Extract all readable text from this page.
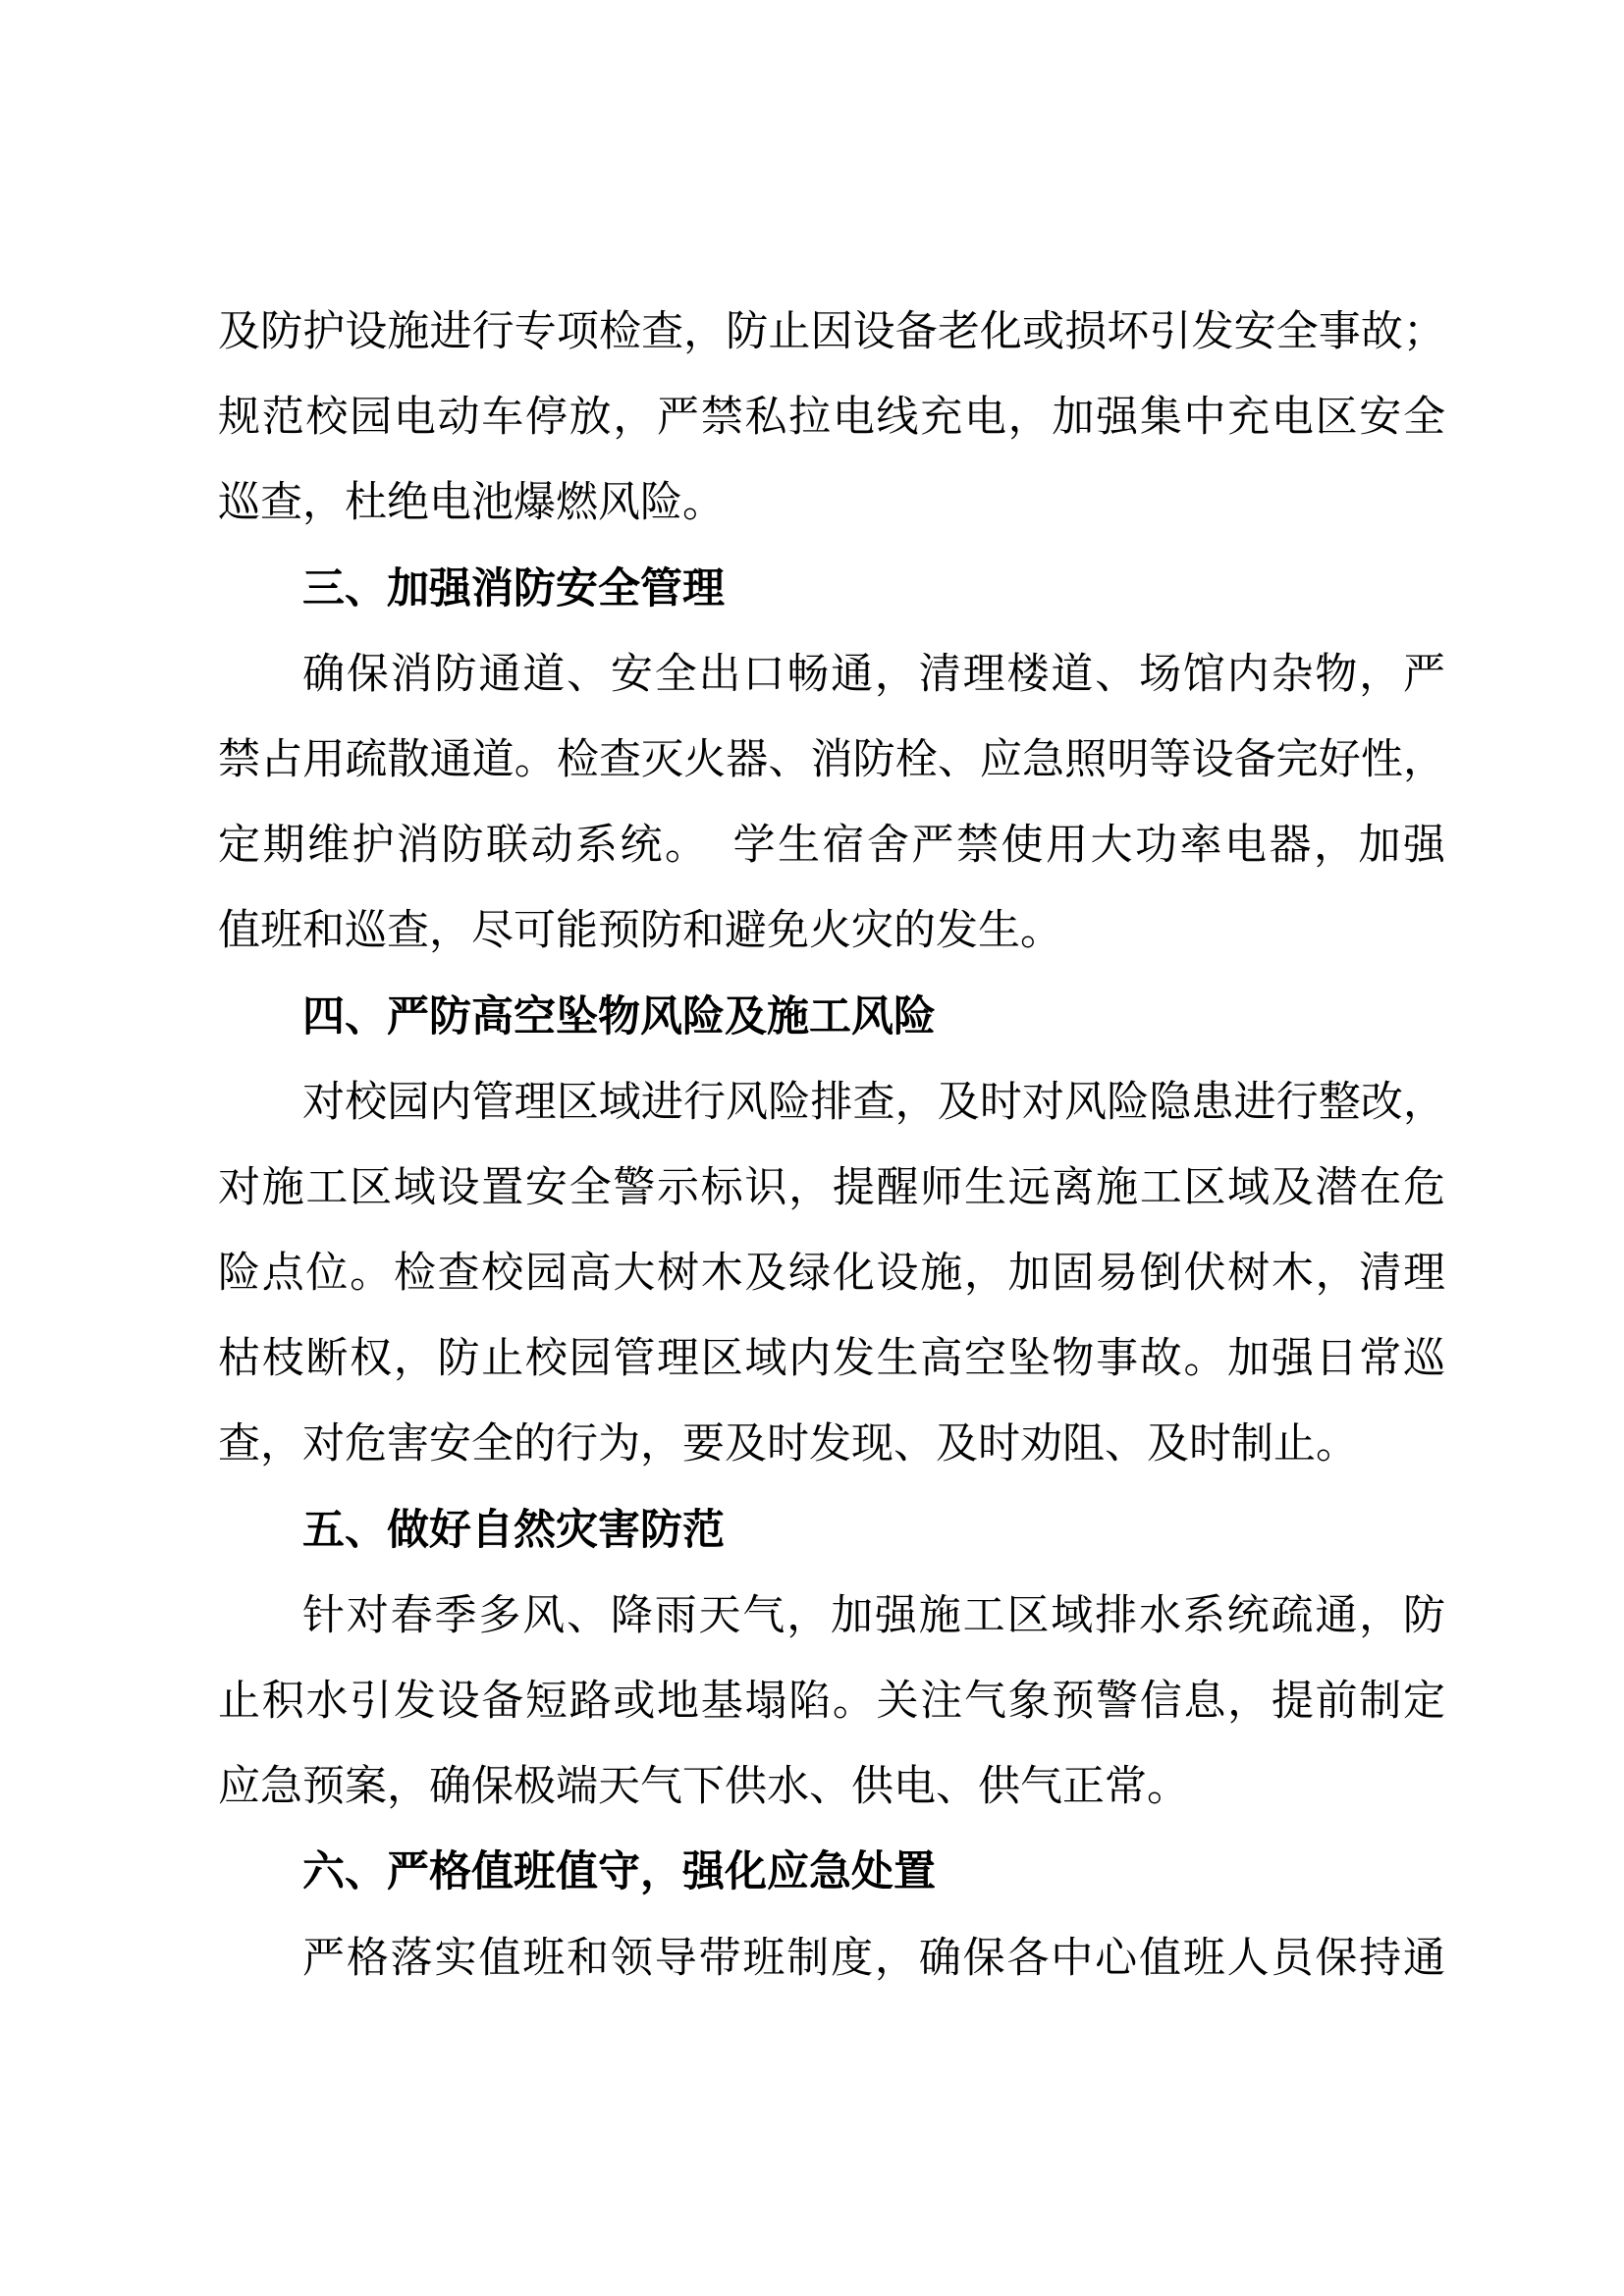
及防护设施进行专项检查，防止因设备老化或损坏引发安全事故；
规范校园电动车停放，严禁私拉电线充电，加强集中充电区安全
巡查，杜绝电池爆燃风险。
三、加强消防安全管理
确保消防通道、安全出口畅通，清理楼道、场馆内杂物，严
禁占用疏散通道。检查灭火器、消防栓、应急照明等设备完好性，
定期维护消防联动系统。　学生宿舍严禁使用大功率电器，加强
值班和巡查，尽可能预防和避免火灾的发生。
四、严防高空坠物风险及施工风险
对校园内管理区域进行风险排查，及时对风险隐患进行整改，
对施工区域设置安全警示标识，提醒师生远离施工区域及潜在危
险点位。检查校园高大树木及绿化设施，加固易倒伏树木，清理
枯枝断权，防止校园管理区域内发生高空坠物事故。加强日常巡
查，对危害安全的行为，要及时发现、及时劝阻、及时制止。
五、做好自然灾害防范
针对春季多风、降雨天气，加强施工区域排水系统疏通，防
止积水引发设备短路或地基塌陷。关注气象预警信息，提前制定
应急预案，确保极端天气下供水、供电、供气正常。
六、严格值班值守，强化应急处置
严格落实值班和领导带班制度，确保各中心值班人员保持通
